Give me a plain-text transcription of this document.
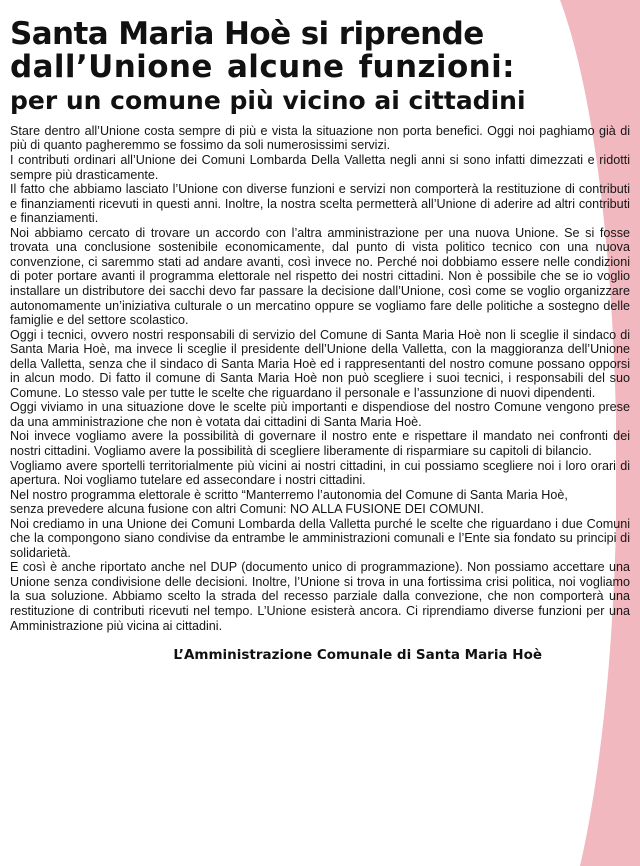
Santa Maria Hoè si riprende
dall’Unione alcune funzioni:
per un comune più vicino ai cittadini

Stare dentro all’Unione costa sempre di più e vista la situazione non porta benefici. Oggi noi paghiamo già di più di quanto pagheremmo se fossimo da soli numerosissimi servizi.

I contributi ordinari all’Unione dei Comuni Lombarda Della Valletta negli anni si sono infatti dimezzati e ridotti sempre più drasticamente.

Il fatto che abbiamo lasciato l’Unione con diverse funzioni e servizi non comporterà la restituzione di contributi e finanziamenti ricevuti in questi anni. Inoltre, la nostra scelta permetterà all’Unione di aderire ad altri contributi e finanziamenti.

Noi abbiamo cercato di trovare un accordo con l’altra amministrazione per una nuova Unione. Se si fosse trovata una conclusione sostenibile economicamente, dal punto di vista politico tecnico con una nuova convenzione, ci saremmo stati ad andare avanti, così invece no. Perché noi dobbiamo essere nelle condizioni di poter portare avanti il programma elettorale nel rispetto dei nostri cittadini. Non è possibile che se io voglio installare un distributore dei sacchi devo far passare la decisione dall’Unione, così come se voglio organizzare autonomamente un’iniziativa culturale o un mercatino oppure se vogliamo fare delle politiche a sostegno delle famiglie e del settore scolastico.

Oggi i tecnici, ovvero nostri responsabili di servizio del Comune di Santa Maria Hoè non li sceglie il sindaco di Santa Maria Hoè, ma invece li sceglie il presidente dell’Unione della Valletta, con la maggioranza dell’Unione della Valletta, senza che il sindaco di Santa Maria Hoè ed i rappresentanti del nostro comune possano opporsi in alcun modo. Di fatto il comune di Santa Maria Hoè non può scegliere i suoi tecnici, i responsabili del suo Comune. Lo stesso vale per tutte le scelte che riguardano il personale e l’assunzione di nuovi dipendenti.

Oggi viviamo in una situazione dove le scelte più importanti e dispendiose del nostro Comune vengono prese da una amministrazione che non è votata dai cittadini di Santa Maria Hoè.

Noi invece vogliamo avere la possibilità di governare il nostro ente e rispettare il mandato nei confronti dei nostri cittadini. Vogliamo avere la possibilità di scegliere liberamente di risparmiare su capitoli di bilancio.

Vogliamo avere sportelli territorialmente più vicini ai nostri cittadini, in cui possiamo scegliere noi i loro orari di apertura. Noi vogliamo tutelare ed assecondare i nostri cittadini.

Nel nostro programma elettorale è scritto “Manterremo l’autonomia del Comune di Santa Maria Hoè,

senza prevedere alcuna fusione con altri Comuni: NO ALLA FUSIONE DEI COMUNI.

Noi crediamo in una Unione dei Comuni Lombarda della Valletta purché le scelte che riguardano i due Comuni che la compongono siano condivise da entrambe le amministrazioni comunali e l’Ente sia fondato su principi di solidarietà.

E così è anche riportato anche nel DUP (documento unico di programmazione). Non possiamo accettare una Unione senza condivisione delle decisioni. Inoltre, l’Unione si trova in una fortissima crisi politica, noi vogliamo la sua soluzione. Abbiamo scelto la strada del recesso parziale dalla convezione, che non comporterà una restituzione di contributi ricevuti nel tempo. L’Unione esisterà ancora. Ci riprendiamo diverse funzioni per una Amministrazione più vicina ai cittadini.

L’Amministrazione Comunale di Santa Maria Hoè
